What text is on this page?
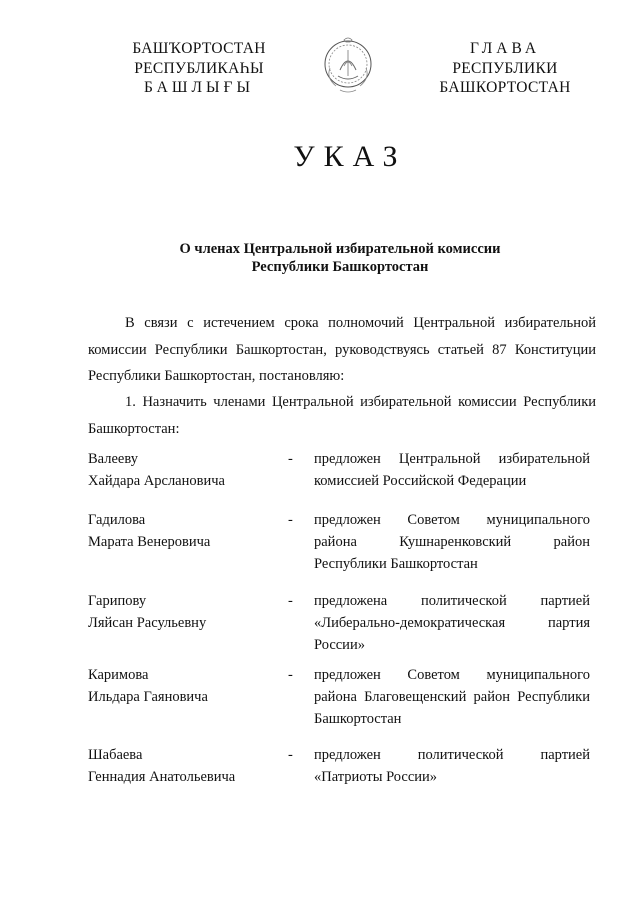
БАШҠОРТОСТАН
РЕСПУБЛИКАҺЫ
БАШЛЫҒЫ
ГЛАВА
РЕСПУБЛИКИ
БАШКОРТОСТАН
УКАЗ
О членах Центральной избирательной комиссии
Республики Башкортостан
В связи с истечением срока полномочий Центральной избирательной комиссии Республики Башкортостан, руководствуясь статьей 87 Конституции Республики Башкортостан, постановляю:
1. Назначить членами Центральной избирательной комиссии Республики Башкортостан:
Валееву
Хайдара Арслановича
- предложен Центральной избирательной
комиссией Российской Федерации
Гадилова
Марата Венеровича
- предложен Советом муниципального
района Кушнаренковский район
Республики Башкортостан
Гарипову
Ляйсан Расульевну
- предложена политической партией
«Либерально-демократическая партия
России»
Каримова
Ильдара Гаяновича
- предложен Советом муниципального
района Благовещенский район Республики
Башкортостан
Шабаева
Геннадия Анатольевича
- предложен политической партией
«Патриоты России»
